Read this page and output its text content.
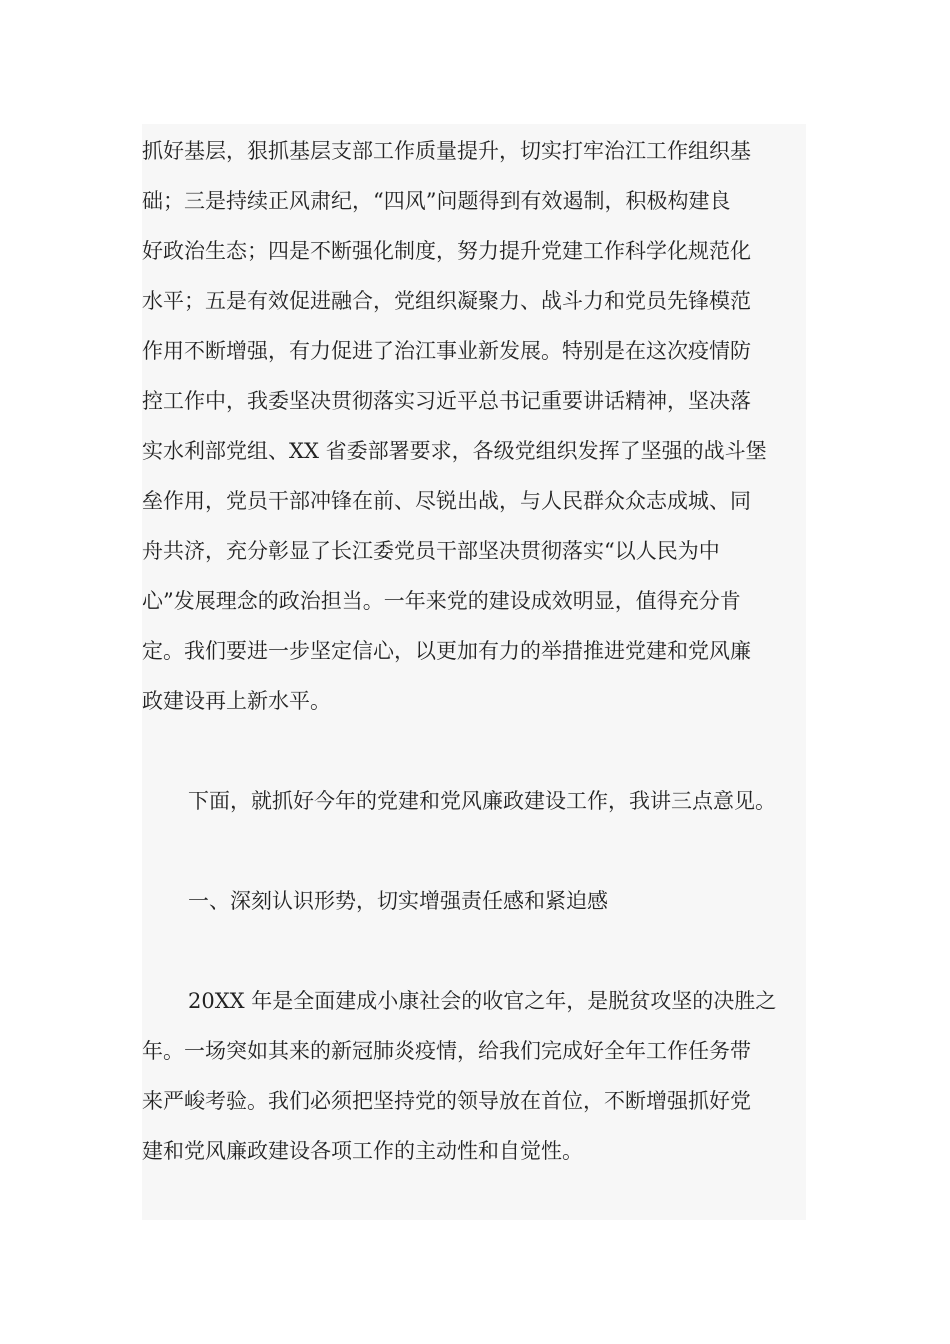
抓好基层，狠抓基层支部工作质量提升，切实打牢治江工作组织基
础；三是持续正风肃纪，“四风”问题得到有效遏制，积极构建良
好政治生态；四是不断强化制度，努力提升党建工作科学化规范化
水平；五是有效促进融合，党组织凝聚力、战斗力和党员先锋模范
作用不断增强，有力促进了治江事业新发展。特别是在这次疫情防
控工作中，我委坚决贯彻落实习近平总书记重要讲话精神，坚决落
实水利部党组、XX 省委部署要求，各级党组织发挥了坚强的战斗堡
垒作用，党员干部冲锋在前、尽锐出战，与人民群众众志成城、同
舟共济，充分彰显了长江委党员干部坚决贯彻落实“以人民为中
心”发展理念的政治担当。一年来党的建设成效明显，值得充分肯
定。我们要进一步坚定信心，以更加有力的举措推进党建和党风廉
政建设再上新水平。
下面，就抓好今年的党建和党风廉政建设工作，我讲三点意见。
一、深刻认识形势，切实增强责任感和紧迫感
20XX 年是全面建成小康社会的收官之年，是脱贫攻坚的决胜之
年。一场突如其来的新冠肺炎疫情，给我们完成好全年工作任务带
来严峻考验。我们必须把坚持党的领导放在首位，不断增强抓好党
建和党风廉政建设各项工作的主动性和自觉性。
